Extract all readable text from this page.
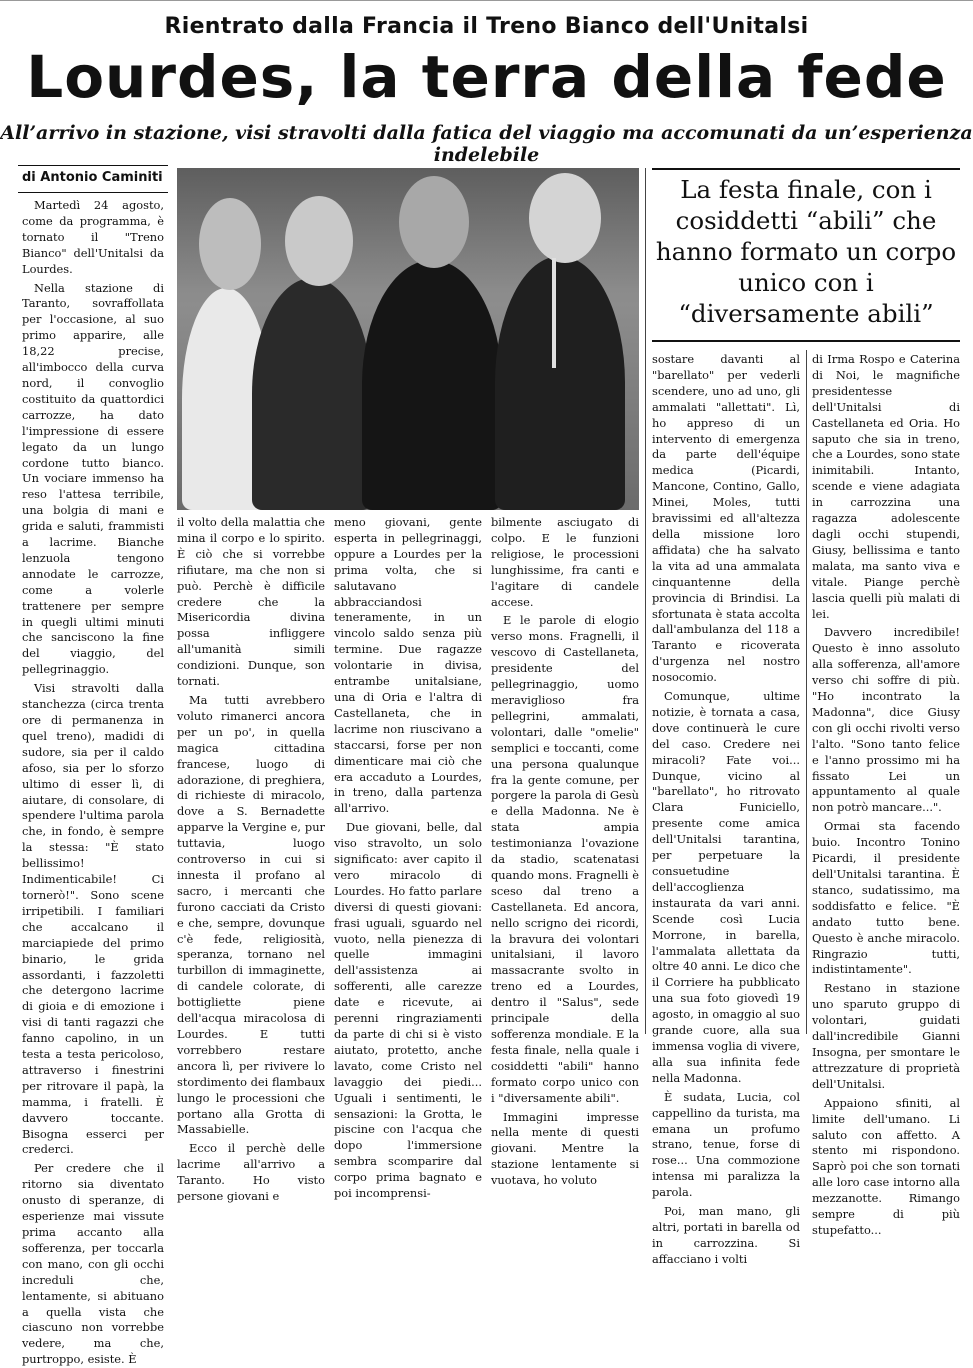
Rientrato dalla Francia il Treno Bianco dell'Unitalsi
Lourdes, la terra della fede
All’arrivo in stazione, visi stravolti dalla fatica del viaggio ma accomunati da un’esperienza indelebile
di Antonio Caminiti

Martedì 24 agosto, come da programma, è tornato il "Treno Bianco" dell'Unitalsi da Lourdes.

Nella stazione di Taranto, sovraffollata per l'occasione, al suo primo apparire, alle 18,22 precise, all'imbocco della curva nord, il convoglio costituito da quattordici carrozze, ha dato l'impressione di essere legato da un lungo cordone tutto bianco. Un vociare immenso ha reso l'attesa terribile, una bolgia di mani e grida e saluti, frammisti a lacrime. Bianche lenzuola tengono annodate le carrozze, come a volerle trattenere per sempre in quegli ultimi minuti che sanciscono la fine del viaggio, del pellegrinaggio.

Visi stravolti dalla stanchezza (circa trenta ore di permanenza in quel treno), madidi di sudore, sia per il caldo afoso, sia per lo sforzo ultimo di esser lì, di aiutare, di consolare, di spendere l'ultima parola che, in fondo, è sempre la stessa: "È stato bellissimo! Indimenticabile! Ci tornerò!". Sono scene irripetibili. I familiari che accalcano il marciapiede del primo binario, le grida assordanti, i fazzoletti che detergono lacrime di gioia e di emozione i visi di tanti ragazzi che fanno capolino, in un testa a testa pericoloso, attraverso i finestrini per ritrovare il papà, la mamma, i fratelli. È davvero toccante. Bisogna esserci per crederci.

Per credere che il ritorno sia diventato onusto di speranze, di esperienze mai vissute prima accanto alla sofferenza, per toccarla con mano, con gli occhi increduli che, lentamente, si abituano a quella vista che ciascuno non vorrebbe vedere, ma che, purtroppo, esiste. È

La festa finale, con i cosiddetti “abili” che hanno formato un corpo unico con i “diversamente abili”

il volto della malattia che mina il corpo e lo spirito. È ciò che si vorrebbe rifiutare, ma che non si può. Perchè è difficile credere che la Misericordia divina possa infliggere all'umanità simili condizioni. Dunque, son tornati.

Ma tutti avrebbero voluto rimanerci ancora per un po', in quella magica cittadina francese, luogo di adorazione, di preghiera, di richieste di miracolo, dove a S. Bernadette apparve la Vergine e, pur tuttavia, luogo controverso in cui si innesta il profano al sacro, i mercanti che furono cacciati da Cristo e che, sempre, dovunque c'è fede, religiosità, speranza, tornano nel turbillon di immaginette, di candele colorate, di bottigliette piene dell'acqua miracolosa di Lourdes. E tutti vorrebbero restare ancora lì, per rivivere lo stordimento dei flambaux lungo le processioni che portano alla Grotta di Massabielle.

Ecco il perchè delle lacrime all'arrivo a Taranto. Ho visto persone giovani e

meno giovani, gente esperta in pellegrinaggi, oppure a Lourdes per la prima volta, che si salutavano abbracciandosi teneramente, in un vincolo saldo senza più termine. Due ragazze volontarie in divisa, entrambe unitalsiane, una di Oria e l'altra di Castellaneta, che in lacrime non riuscivano a staccarsi, forse per non dimenticare mai ciò che era accaduto a Lourdes, in treno, dalla partenza all'arrivo.

Due giovani, belle, dal viso stravolto, un solo significato: aver capito il vero miracolo di Lourdes. Ho fatto parlare diversi di questi giovani: frasi uguali, sguardo nel vuoto, nella pienezza di quelle immagini dell'assistenza ai sofferenti, alle carezze date e ricevute, ai perenni ringraziamenti da parte di chi si è visto aiutato, protetto, anche lavato, come Cristo nel lavaggio dei piedi... Uguali i sentimenti, le sensazioni: la Grotta, le piscine con l'acqua che dopo l'immersione sembra scomparire dal corpo prima bagnato e poi incomprensi-

bilmente asciugato di colpo. E le funzioni religiose, le processioni lunghissime, fra canti e l'agitare di candele accese.

E le parole di elogio verso mons. Fragnelli, il vescovo di Castellaneta, presidente del pellegrinaggio, uomo meraviglioso fra pellegrini, ammalati, volontari, dalle "omelie" semplici e toccanti, come una persona qualunque fra la gente comune, per porgere la parola di Gesù e della Madonna. Ne è stata ampia testimonianza l'ovazione da stadio, scatenatasi quando mons. Fragnelli è sceso dal treno a Castellaneta. Ed ancora, nello scrigno dei ricordi, la bravura dei volontari unitalsiani, il lavoro massacrante svolto in treno ed a Lourdes, dentro il "Salus", sede principale della sofferenza mondiale. E la festa finale, nella quale i cosiddetti "abili" hanno formato corpo unico con i "diversamente abili".

Immagini impresse nella mente di questi giovani. Mentre la stazione lentamente si vuotava, ho voluto

sostare davanti al "barellato" per vederli scendere, uno ad uno, gli ammalati "allettati". Lì, ho appreso di un intervento di emergenza da parte dell'équipe medica (Picardi, Mancone, Contino, Gallo, Minei, Moles, tutti bravissimi ed all'altezza della missione loro affidata) che ha salvato la vita ad una ammalata cinquantenne della provincia di Brindisi. La sfortunata è stata accolta dall'ambulanza del 118 a Taranto e ricoverata d'urgenza nel nostro nosocomio.

Comunque, ultime notizie, è tornata a casa, dove continuerà le cure del caso. Credere nei miracoli? Fate voi... Dunque, vicino al "barellato", ho ritrovato Clara Funiciello, presente come amica dell'Unitalsi tarantina, per perpetuare la consuetudine dell'accoglienza instaurata da vari anni. Scende così Lucia Morrone, in barella, l'ammalata allettata da oltre 40 anni. Le dico che il Corriere ha pubblicato una sua foto giovedì 19 agosto, in omaggio al suo grande cuore, alla sua immensa voglia di vivere, alla sua infinita fede nella Madonna.

È sudata, Lucia, col cappellino da turista, ma emana un profumo strano, tenue, forse di rose... Una commozione intensa mi paralizza la parola.

Poi, man mano, gli altri, portati in barella od in carrozzina. Si affacciano i volti

di Irma Rospo e Caterina di Noi, le magnifiche presidentesse dell'Unitalsi di Castellaneta ed Oria. Ho saputo che sia in treno, che a Lourdes, sono state inimitabili. Intanto, scende e viene adagiata in carrozzina una ragazza adolescente dagli occhi stupendi, Giusy, bellissima e tanto malata, ma santo viva e vitale. Piange perchè lascia quelli più malati di lei.

Davvero incredibile! Questo è inno assoluto alla sofferenza, all'amore verso chi soffre di più. "Ho incontrato la Madonna", dice Giusy con gli occhi rivolti verso l'alto. "Sono tanto felice e l'anno prossimo mi ha fissato Lei un appuntamento al quale non potrò mancare...".

Ormai sta facendo buio. Incontro Tonino Picardi, il presidente dell'Unitalsi tarantina. È stanco, sudatissimo, ma soddisfatto e felice. "È andato tutto bene. Questo è anche miracolo. Ringrazio tutti, indistintamente".

Restano in stazione uno sparuto gruppo di volontari, guidati dall'incredibile Gianni Insogna, per smontare le attrezzature di proprietà dell'Unitalsi.

Appaiono sfiniti, al limite dell'umano. Li saluto con affetto. A stento mi rispondono. Saprò poi che son tornati alle loro case intorno alla mezzanotte. Rimango sempre di più stupefatto...
